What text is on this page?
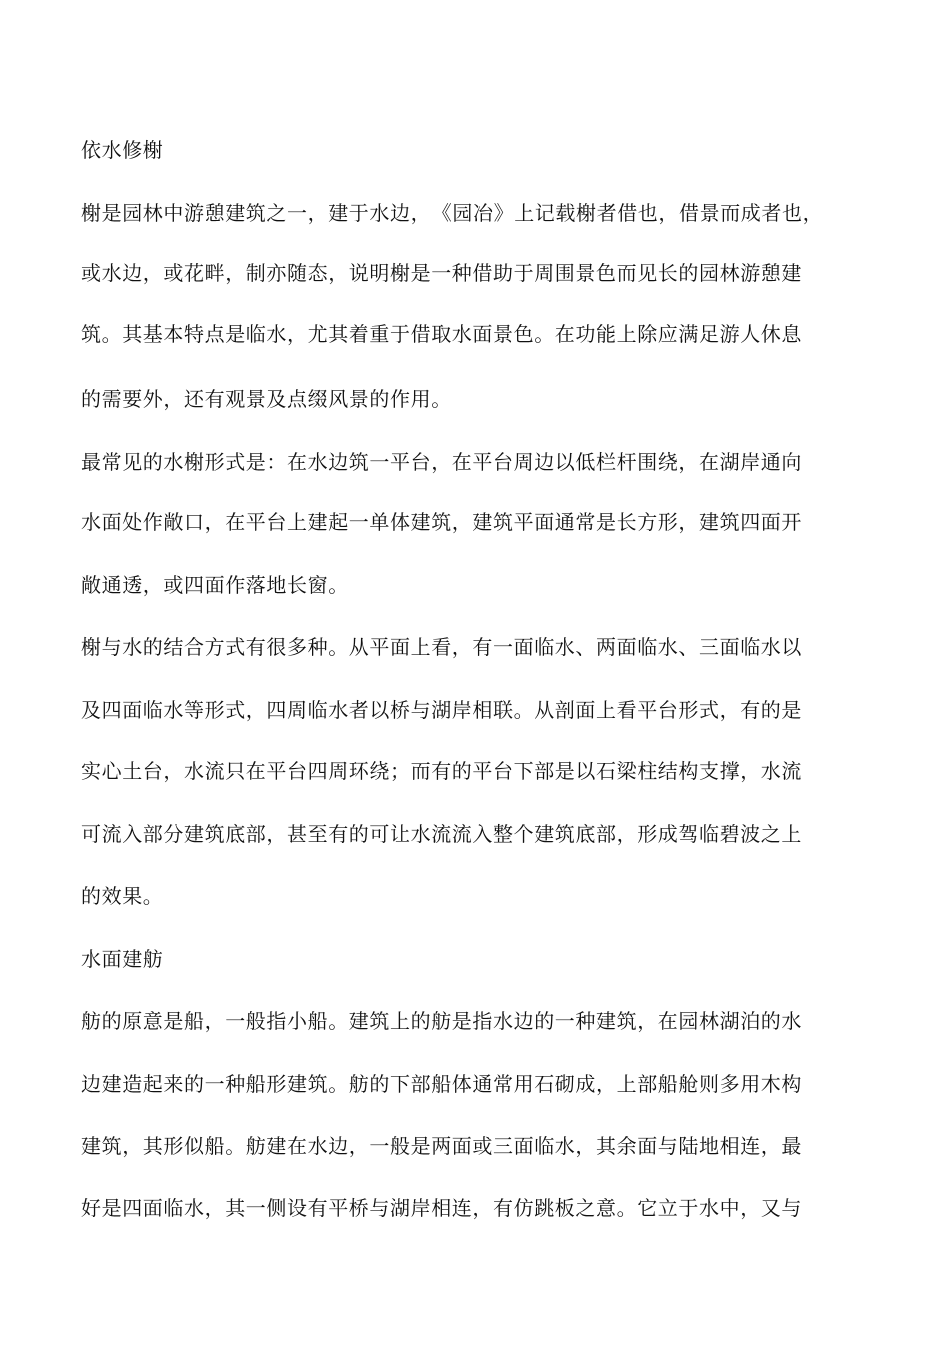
依水修榭
榭是园林中游憩建筑之一，建于水边，　《园冶》上记载榭者借也，借景而成者也，
或水边，或花畔，制亦随态，说明榭是一种借助于周围景色而见长的园林游憩建
筑。其基本特点是临水，尤其着重于借取水面景色。在功能上除应满足游人休息
的需要外，还有观景及点缀风景的作用。
最常见的水榭形式是：在水边筑一平台，在平台周边以低栏杆围绕，在湖岸通向
水面处作敞口，在平台上建起一单体建筑，建筑平面通常是长方形，建筑四面开
敞通透，或四面作落地长窗。
榭与水的结合方式有很多种。从平面上看，有一面临水、两面临水、三面临水以
及四面临水等形式，四周临水者以桥与湖岸相联。从剖面上看平台形式，有的是
实心土台，水流只在平台四周环绕；而有的平台下部是以石梁柱结构支撑，水流
可流入部分建筑底部，甚至有的可让水流流入整个建筑底部，形成驾临碧波之上
的效果。
水面建舫
舫的原意是船，一般指小船。建筑上的舫是指水边的一种建筑，在园林湖泊的水
边建造起来的一种船形建筑。舫的下部船体通常用石砌成，上部船舱则多用木构
建筑，其形似船。舫建在水边，一般是两面或三面临水，其余面与陆地相连，最
好是四面临水，其一侧设有平桥与湖岸相连，有仿跳板之意。它立于水中，又与
